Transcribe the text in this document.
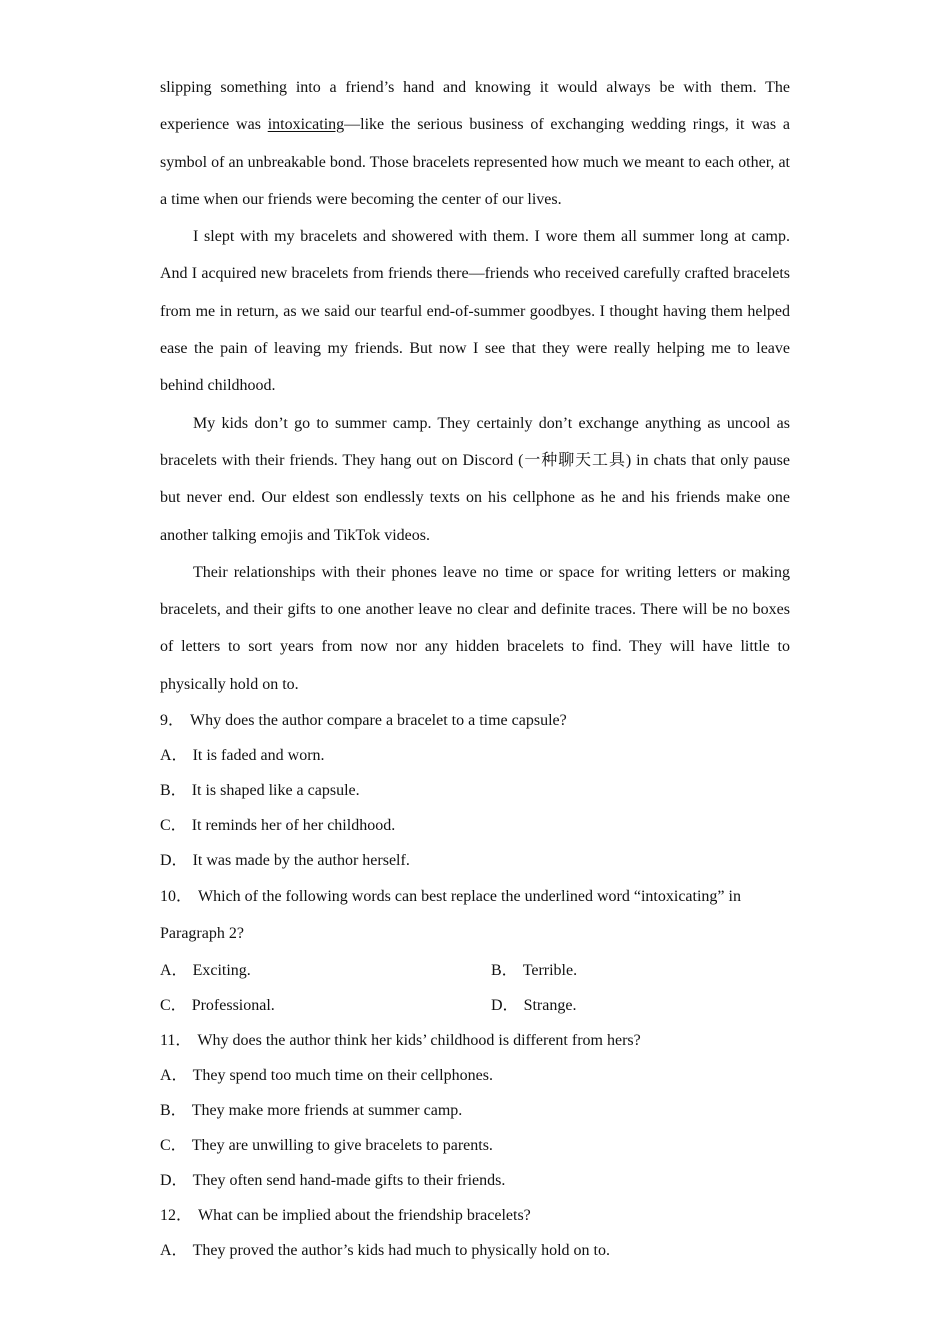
slipping something into a friend’s hand and knowing it would always be with them. The experience was intoxicating—like the serious business of exchanging wedding rings, it was a symbol of an unbreakable bond. Those bracelets represented how much we meant to each other, at a time when our friends were becoming the center of our lives.

I slept with my bracelets and showered with them. I wore them all summer long at camp. And I acquired new bracelets from friends there—friends who received carefully crafted bracelets from me in return, as we said our tearful end-of-summer goodbyes. I thought having them helped ease the pain of leaving my friends. But now I see that they were really helping me to leave behind childhood.

My kids don’t go to summer camp. They certainly don’t exchange anything as uncool as bracelets with their friends. They hang out on Discord (一种聊天工具) in chats that only pause but never end. Our eldest son endlessly texts on his cellphone as he and his friends make one another talking emojis and TikTok videos.

Their relationships with their phones leave no time or space for writing letters or making bracelets, and their gifts to one another leave no clear and definite traces. There will be no boxes of letters to sort years from now nor any hidden bracelets to find. They will have little to physically hold on to.

9． Why does the author compare a bracelet to a time capsule?

A． It is faded and worn.

B． It is shaped like a capsule.

C． It reminds her of her childhood.

D． It was made by the author herself.

10． Which of the following words can best replace the underlined word “intoxicating” in Paragraph 2?

A． Exciting.	B． Terrible.
C． Professional.	D． Strange.

11． Why does the author think her kids’ childhood is different from hers?

A． They spend too much time on their cellphones.

B． They make more friends at summer camp.

C． They are unwilling to give bracelets to parents.

D． They often send hand-made gifts to their friends.

12． What can be implied about the friendship bracelets?

A． They proved the author’s kids had much to physically hold on to.
